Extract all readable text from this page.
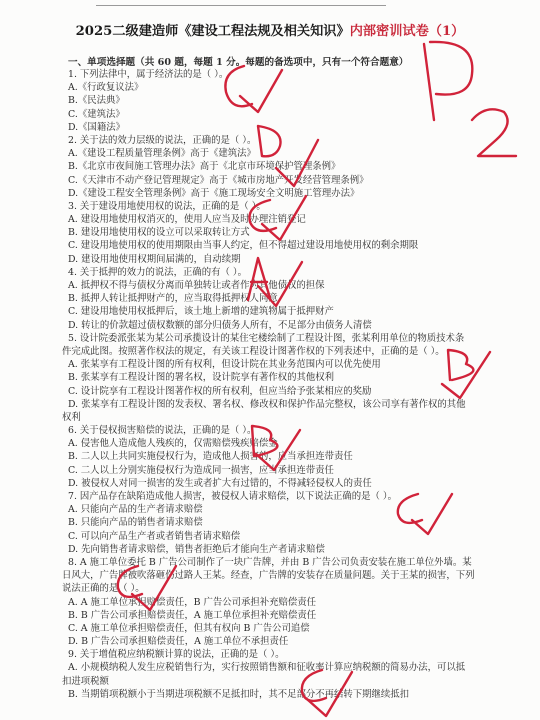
2025二级建造师《建设工程法规及相关知识》内部密训试卷（1）
一、单项选择题（共 60 题，每题 1 分。每题的备选项中，只有一个符合题意）
1. 下列法律中，属于经济法的是（ ）。
A.《行政复议法》
B.《民法典》
C.《建筑法》
D.《国籍法》
2. 关于法的效力层级的说法，正确的是（ ）。
A.《建设工程质量管理条例》高于《建筑法》
B.《北京市夜间施工管理办法》高于《北京市环境保护管理条例》
C.《天津市不动产登记管理规定》高于《城市房地产开发经营管理条例》
D.《建设工程安全管理条例》高于《施工现场安全文明施工管理办法》
3. 关于建设用地使用权的说法，正确的是（ ）。
A. 建设用地使用权消灭的，使用人应当及时办理注销登记
B. 建设用地使用权的设立可以采取转让方式
C. 建设用地使用权的使用期限由当事人约定，但不得超过建设用地使用权的剩余期限
D. 建设用地使用权期间届满的，自动续期
4. 关于抵押的效力的说法，正确的有（ ）。
A. 抵押权不得与债权分离而单独转让或者作为其他债权的担保
B. 抵押人转让抵押财产的，应当取得抵押权人同意
C. 建设用地使用权抵押后，该土地上新增的建筑物属于抵押财产
D. 转让的价款超过债权数额的部分归债务人所有，不足部分由债务人清偿
5. 设计院委派张某为某公司承揽设计的某住宅楼绘制了工程设计图，张某利用单位的物质技术条
件完成此图。按照著作权法的规定，有关该工程设计图著作权的下列表述中，正确的是（ ）。
A. 张某享有工程设计图的所有权利，但设计院在其业务范围内可以优先使用
B. 张某享有工程设计图的署名权，设计院享有著作权的其他权利
C. 设计院享有工程设计图著作权的所有权利，但应当给予张某相应的奖励
D. 张某享有工程设计图的发表权、署名权、修改权和保护作品完整权，该公司享有著作权的其他
权利
6. 关于侵权损害赔偿的说法，正确的是（ ）。
A. 侵害他人造成他人残疾的，仅需赔偿残疾赔偿金
B. 二人以上共同实施侵权行为，造成他人损害的，应当承担连带责任
C. 二人以上分别实施侵权行为造成同一损害，应当承担连带责任
D. 被侵权人对同一损害的发生或者扩大有过错的，不得减轻侵权人的责任
7. 因产品存在缺陷造成他人损害，被侵权人请求赔偿，以下说法正确的是（ ）。
A. 只能向产品的生产者请求赔偿
B. 只能向产品的销售者请求赔偿
C. 可以向产品生产者或者销售者请求赔偿
D. 先向销售者请求赔偿，销售者拒绝后才能向生产者请求赔偿
8. A 施工单位委托 B 广告公司制作了一块广告牌，并由 B 广告公司负责安装在施工单位外墙。某
日风大，广告牌被吹落砸伤过路人王某。经查，广告牌的安装存在质量问题。关于王某的损害，下列
说法正确的是（ ）。
A. A 施工单位承担赔偿责任，B 广告公司承担补充赔偿责任
B. B 广告公司承担赔偿责任，A 施工单位承担补充赔偿责任
C. A 施工单位承担赔偿责任，但其有权向 B 广告公司追偿
D. B 广告公司承担赔偿责任，A 施工单位不承担责任
9. 关于增值税应纳税额计算的说法，正确的是（ ）。
A. 小规模纳税人发生应税销售行为，实行按照销售额和征收率计算应纳税额的简易办法，可以抵
扣进项税额
B. 当期销项税额小于当期进项税额不足抵扣时，其不足部分不再结转下期继续抵扣
